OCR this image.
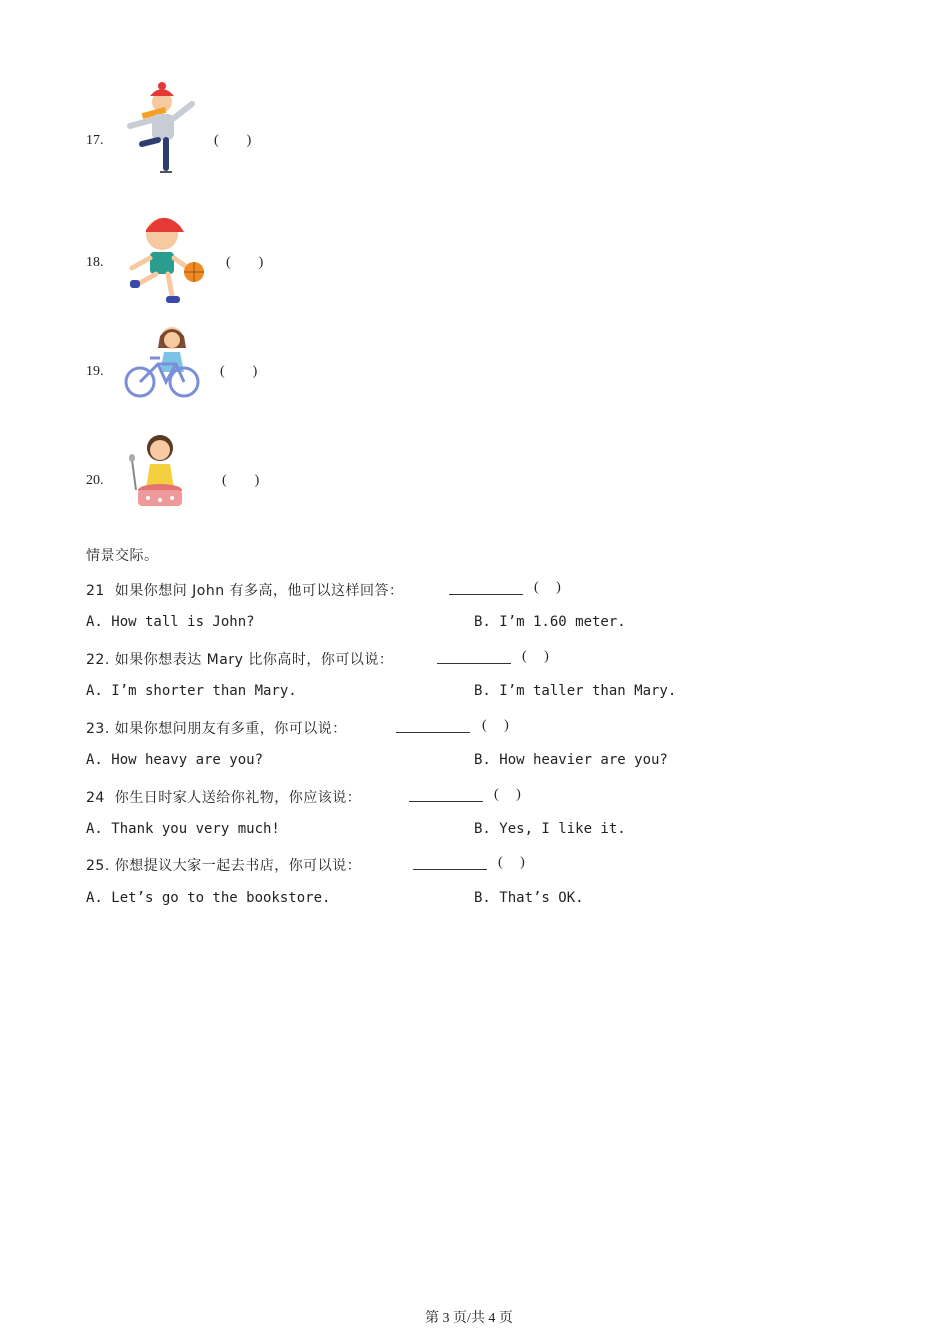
17.	(        )
18.	(        )
19.	(        )
20.	(        )
情景交际。
21  如果你想问 John 有多高，他可以这样回答：	(     )
A. How tall is John?	B. I’m 1.60 meter.
22. 如果你想表达 Mary 比你高时，你可以说：	(     )
A. I’m shorter than Mary.	B. I’m taller than Mary.
23. 如果你想问朋友有多重，你可以说：	(     )
A. How heavy are you?	B. How heavier are you?
24  你生日时家人送给你礼物，你应该说：	(     )
A. Thank you very much!	B. Yes, I like it.
25. 你想提议大家一起去书店，你可以说：	(     )
A. Let’s go to the bookstore.	B. That’s OK.
第 3 页/共 4 页
